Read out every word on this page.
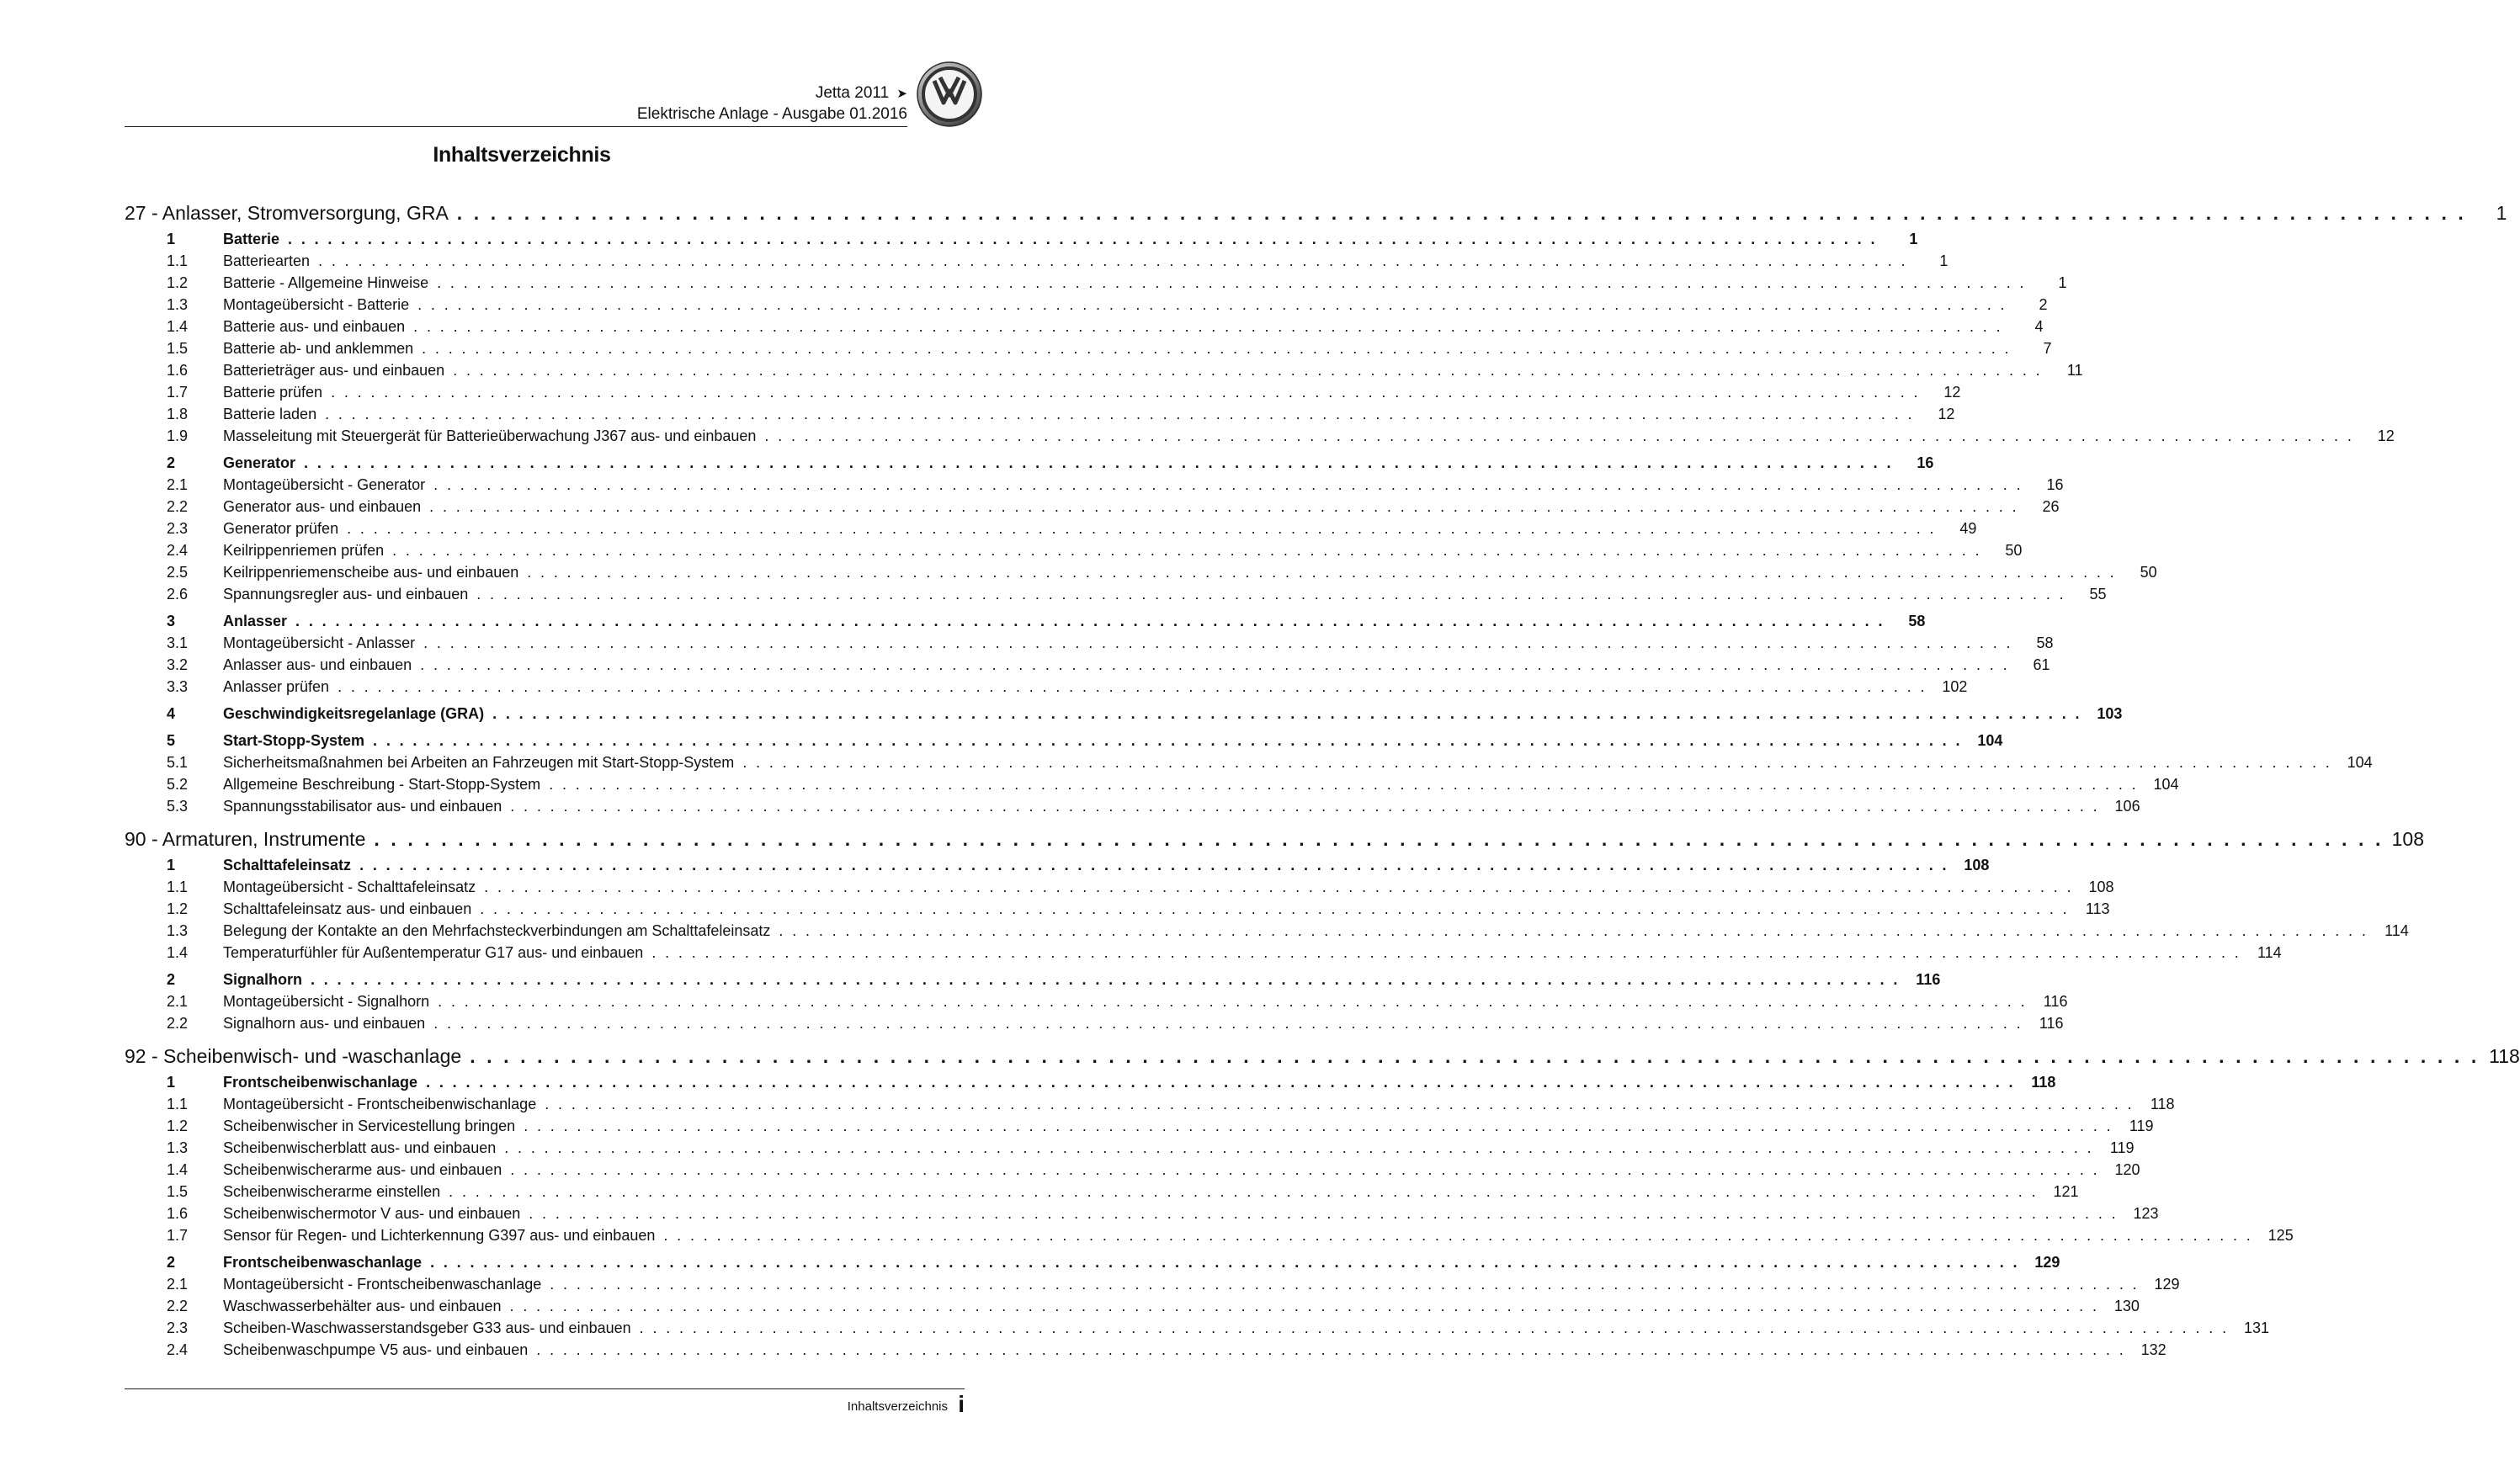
Jetta 2011 ➤
Elektrische Anlage - Ausgabe 01.2016
Inhaltsverzeichnis
27 - Anlasser, Stromversorgung, GRA . . . . . . . . . . . . . . . . . . . . . . . . . . . . . . . . . . . . . . . . . . . . . . . . . . . . . . . . . . . . . . . . . . . . . . . . . . . . . . . . . . . . . . . . . . . . . . . . . . . . . . . . . . . . . . . . . . . . . . . .	1
1	Batterie . . . . . . . . . . . . . . . . . . . . . . . . . . . . . . . . . . . . . . . . . . . . . . . . . . . . . . . . . . . . . . . . . . . . . . . . . . . . . . . . . . . . . . . . . . . . . . . . . . . . . . . . . . . . . . . . . . . . . . . .	1
1.1	Batteriearten . . . . . . . . . . . . . . . . . . . . . . . . . . . . . . . . . . . . . . . . . . . . . . . . . . . . . . . . . . . . . . . . . . . . . . . . . . . . . . . . . . . . . . . . . . . . . . . . . . . . . . . . . . . . . . . . . . . . . . . .	1
1.2	Batterie - Allgemeine Hinweise . . . . . . . . . . . . . . . . . . . . . . . . . . . . . . . . . . . . . . . . . . . . . . . . . . . . . . . . . . . . . . . . . . . . . . . . . . . . . . . . . . . . . . . . . . . . . . . . . . . . . . . . . . . . . . . . . . . . . . . .	1
1.3	Montageübersicht - Batterie . . . . . . . . . . . . . . . . . . . . . . . . . . . . . . . . . . . . . . . . . . . . . . . . . . . . . . . . . . . . . . . . . . . . . . . . . . . . . . . . . . . . . . . . . . . . . . . . . . . . . . . . . . . . . . . . . . . . . . . .	2
1.4	Batterie aus- und einbauen . . . . . . . . . . . . . . . . . . . . . . . . . . . . . . . . . . . . . . . . . . . . . . . . . . . . . . . . . . . . . . . . . . . . . . . . . . . . . . . . . . . . . . . . . . . . . . . . . . . . . . . . . . . . . . . . . . . . . . . .	4
1.5	Batterie ab- und anklemmen . . . . . . . . . . . . . . . . . . . . . . . . . . . . . . . . . . . . . . . . . . . . . . . . . . . . . . . . . . . . . . . . . . . . . . . . . . . . . . . . . . . . . . . . . . . . . . . . . . . . . . . . . . . . . . . . . . . . . . . .	7
1.6	Batterieträger aus- und einbauen . . . . . . . . . . . . . . . . . . . . . . . . . . . . . . . . . . . . . . . . . . . . . . . . . . . . . . . . . . . . . . . . . . . . . . . . . . . . . . . . . . . . . . . . . . . . . . . . . . . . . . . . . . . . . . . . . . . . . . . .	11
1.7	Batterie prüfen . . . . . . . . . . . . . . . . . . . . . . . . . . . . . . . . . . . . . . . . . . . . . . . . . . . . . . . . . . . . . . . . . . . . . . . . . . . . . . . . . . . . . . . . . . . . . . . . . . . . . . . . . . . . . . . . . . . . . . . .	12
1.8	Batterie laden . . . . . . . . . . . . . . . . . . . . . . . . . . . . . . . . . . . . . . . . . . . . . . . . . . . . . . . . . . . . . . . . . . . . . . . . . . . . . . . . . . . . . . . . . . . . . . . . . . . . . . . . . . . . . . . . . . . . . . . .	12
1.9	Masseleitung mit Steuergerät für Batterieüberwachung J367 aus- und einbauen . . . . . . . . . . . . . . . . . . . . . . . . . . . . . . . . . . . . . . . . . . . . . . . . . . . . . . . . . . . . . . . . . . . . . . . . . . . . . . . . . . . . . . . . . . . . . . . . . . . . . . . . . . . . . . . . . . . . . . . .	12
2	Generator . . . . . . . . . . . . . . . . . . . . . . . . . . . . . . . . . . . . . . . . . . . . . . . . . . . . . . . . . . . . . . . . . . . . . . . . . . . . . . . . . . . . . . . . . . . . . . . . . . . . . . . . . . . . . . . . . . . . . . . .	16
2.1	Montageübersicht - Generator . . . . . . . . . . . . . . . . . . . . . . . . . . . . . . . . . . . . . . . . . . . . . . . . . . . . . . . . . . . . . . . . . . . . . . . . . . . . . . . . . . . . . . . . . . . . . . . . . . . . . . . . . . . . . . . . . . . . . . . .	16
2.2	Generator aus- und einbauen . . . . . . . . . . . . . . . . . . . . . . . . . . . . . . . . . . . . . . . . . . . . . . . . . . . . . . . . . . . . . . . . . . . . . . . . . . . . . . . . . . . . . . . . . . . . . . . . . . . . . . . . . . . . . . . . . . . . . . . .	26
2.3	Generator prüfen . . . . . . . . . . . . . . . . . . . . . . . . . . . . . . . . . . . . . . . . . . . . . . . . . . . . . . . . . . . . . . . . . . . . . . . . . . . . . . . . . . . . . . . . . . . . . . . . . . . . . . . . . . . . . . . . . . . . . . . .	49
2.4	Keilrippenriemen prüfen . . . . . . . . . . . . . . . . . . . . . . . . . . . . . . . . . . . . . . . . . . . . . . . . . . . . . . . . . . . . . . . . . . . . . . . . . . . . . . . . . . . . . . . . . . . . . . . . . . . . . . . . . . . . . . . . . . . . . . . .	50
2.5	Keilrippenriemenscheibe aus- und einbauen . . . . . . . . . . . . . . . . . . . . . . . . . . . . . . . . . . . . . . . . . . . . . . . . . . . . . . . . . . . . . . . . . . . . . . . . . . . . . . . . . . . . . . . . . . . . . . . . . . . . . . . . . . . . . . . . . . . . . . . .	50
2.6	Spannungsregler aus- und einbauen . . . . . . . . . . . . . . . . . . . . . . . . . . . . . . . . . . . . . . . . . . . . . . . . . . . . . . . . . . . . . . . . . . . . . . . . . . . . . . . . . . . . . . . . . . . . . . . . . . . . . . . . . . . . . . . . . . . . . . . .	55
3	Anlasser . . . . . . . . . . . . . . . . . . . . . . . . . . . . . . . . . . . . . . . . . . . . . . . . . . . . . . . . . . . . . . . . . . . . . . . . . . . . . . . . . . . . . . . . . . . . . . . . . . . . . . . . . . . . . . . . . . . . . . . .	58
3.1	Montageübersicht - Anlasser . . . . . . . . . . . . . . . . . . . . . . . . . . . . . . . . . . . . . . . . . . . . . . . . . . . . . . . . . . . . . . . . . . . . . . . . . . . . . . . . . . . . . . . . . . . . . . . . . . . . . . . . . . . . . . . . . . . . . . . .	58
3.2	Anlasser aus- und einbauen . . . . . . . . . . . . . . . . . . . . . . . . . . . . . . . . . . . . . . . . . . . . . . . . . . . . . . . . . . . . . . . . . . . . . . . . . . . . . . . . . . . . . . . . . . . . . . . . . . . . . . . . . . . . . . . . . . . . . . . .	61
3.3	Anlasser prüfen . . . . . . . . . . . . . . . . . . . . . . . . . . . . . . . . . . . . . . . . . . . . . . . . . . . . . . . . . . . . . . . . . . . . . . . . . . . . . . . . . . . . . . . . . . . . . . . . . . . . . . . . . . . . . . . . . . . . . . . . 102
4	Geschwindigkeitsregelanlage (GRA) . . . . . . . . . . . . . . . . . . . . . . . . . . . . . . . . . . . . . . . . . . . . . . . . . . . . . . . . . . . . . . . . . . . . . . . . . . . . . . . . . . . . . . . . . . . . . . . . . . . . . . . . . . . . . . . . . . . . . . . . 103
5	Start-Stopp-System . . . . . . . . . . . . . . . . . . . . . . . . . . . . . . . . . . . . . . . . . . . . . . . . . . . . . . . . . . . . . . . . . . . . . . . . . . . . . . . . . . . . . . . . . . . . . . . . . . . . . . . . . . . . . . . . . . . . . . . . 104
5.1	Sicherheitsmaßnahmen bei Arbeiten an Fahrzeugen mit Start-Stopp-System . . . . . . . . . . . . . . . . . . . . . . . . . . . . . . . . . . . . . . . . . . . . . . . . . . . . . . . . . . . . . . . . . . . . . . . . . . . . . . . . . . . . . . . . . . . . . . . . . . . . . . . . . . . . . . . . . . . . . . . . 104
5.2	Allgemeine Beschreibung - Start-Stopp-System . . . . . . . . . . . . . . . . . . . . . . . . . . . . . . . . . . . . . . . . . . . . . . . . . . . . . . . . . . . . . . . . . . . . . . . . . . . . . . . . . . . . . . . . . . . . . . . . . . . . . . . . . . . . . . . . . . . . . . . . 104
5.3	Spannungsstabilisator aus- und einbauen . . . . . . . . . . . . . . . . . . . . . . . . . . . . . . . . . . . . . . . . . . . . . . . . . . . . . . . . . . . . . . . . . . . . . . . . . . . . . . . . . . . . . . . . . . . . . . . . . . . . . . . . . . . . . . . . . . . . . . . . 106
90 - Armaturen, Instrumente . . . . . . . . . . . . . . . . . . . . . . . . . . . . . . . . . . . . . . . . . . . . . . . . . . . . . . . . . . . . . . . . . . . . . . . . . . . . . . . . . . . . . . . . . . . . . . . . . . . . . . . . . . . . . . . . . . . . . . . . 108
1	Schalttafeleinsatz . . . . . . . . . . . . . . . . . . . . . . . . . . . . . . . . . . . . . . . . . . . . . . . . . . . . . . . . . . . . . . . . . . . . . . . . . . . . . . . . . . . . . . . . . . . . . . . . . . . . . . . . . . . . . . . . . . . . . . . . 108
1.1	Montageübersicht - Schalttafeleinsatz . . . . . . . . . . . . . . . . . . . . . . . . . . . . . . . . . . . . . . . . . . . . . . . . . . . . . . . . . . . . . . . . . . . . . . . . . . . . . . . . . . . . . . . . . . . . . . . . . . . . . . . . . . . . . . . . . . . . . . . . 108
1.2	Schalttafeleinsatz aus- und einbauen . . . . . . . . . . . . . . . . . . . . . . . . . . . . . . . . . . . . . . . . . . . . . . . . . . . . . . . . . . . . . . . . . . . . . . . . . . . . . . . . . . . . . . . . . . . . . . . . . . . . . . . . . . . . . . . . . . . . . . . .	113
1.3	Belegung der Kontakte an den Mehrfachsteckverbindungen am Schalttafeleinsatz . . . . . . . . . . . . . . . . . . . . . . . . . . . . . . . . . . . . . . . . . . . . . . . . . . . . . . . . . . . . . . . . . . . . . . . . . . . . . . . . . . . . . . . . . . . . . . . . . . . . . . . . . . . . . . . . . . . . . . . .	114
1.4	Temperaturfühler für Außentemperatur G17 aus- und einbauen . . . . . . . . . . . . . . . . . . . . . . . . . . . . . . . . . . . . . . . . . . . . . . . . . . . . . . . . . . . . . . . . . . . . . . . . . . . . . . . . . . . . . . . . . . . . . . . . . . . . . . . . . . . . . . . . . . . . . . . .	114
2	Signalhorn . . . . . . . . . . . . . . . . . . . . . . . . . . . . . . . . . . . . . . . . . . . . . . . . . . . . . . . . . . . . . . . . . . . . . . . . . . . . . . . . . . . . . . . . . . . . . . . . . . . . . . . . . . . . . . . . . . . . . . . .	116
2.1	Montageübersicht - Signalhorn . . . . . . . . . . . . . . . . . . . . . . . . . . . . . . . . . . . . . . . . . . . . . . . . . . . . . . . . . . . . . . . . . . . . . . . . . . . . . . . . . . . . . . . . . . . . . . . . . . . . . . . . . . . . . . . . . . . . . . . .	116
2.2	Signalhorn aus- und einbauen . . . . . . . . . . . . . . . . . . . . . . . . . . . . . . . . . . . . . . . . . . . . . . . . . . . . . . . . . . . . . . . . . . . . . . . . . . . . . . . . . . . . . . . . . . . . . . . . . . . . . . . . . . . . . . . . . . . . . . . .	116
92 - Scheibenwisch- und -waschanlage . . . . . . . . . . . . . . . . . . . . . . . . . . . . . . . . . . . . . . . . . . . . . . . . . . . . . . . . . . . . . . . . . . . . . . . . . . . . . . . . . . . . . . . . . . . . . . . . . . . . . . . . . . . . . . . . . . . . . . . . 118
1	Frontscheibenwischanlage . . . . . . . . . . . . . . . . . . . . . . . . . . . . . . . . . . . . . . . . . . . . . . . . . . . . . . . . . . . . . . . . . . . . . . . . . . . . . . . . . . . . . . . . . . . . . . . . . . . . . . . . . . . . . . . . . . . . . . . .	118
1.1	Montageübersicht - Frontscheibenwischanlage . . . . . . . . . . . . . . . . . . . . . . . . . . . . . . . . . . . . . . . . . . . . . . . . . . . . . . . . . . . . . . . . . . . . . . . . . . . . . . . . . . . . . . . . . . . . . . . . . . . . . . . . . . . . . . . . . . . . . . . .	118
1.2	Scheibenwischer in Servicestellung bringen . . . . . . . . . . . . . . . . . . . . . . . . . . . . . . . . . . . . . . . . . . . . . . . . . . . . . . . . . . . . . . . . . . . . . . . . . . . . . . . . . . . . . . . . . . . . . . . . . . . . . . . . . . . . . . . . . . . . . . . .	119
1.3	Scheibenwischerblatt aus- und einbauen . . . . . . . . . . . . . . . . . . . . . . . . . . . . . . . . . . . . . . . . . . . . . . . . . . . . . . . . . . . . . . . . . . . . . . . . . . . . . . . . . . . . . . . . . . . . . . . . . . . . . . . . . . . . . . . . . . . . . . . .	119
1.4	Scheibenwischerarme aus- und einbauen . . . . . . . . . . . . . . . . . . . . . . . . . . . . . . . . . . . . . . . . . . . . . . . . . . . . . . . . . . . . . . . . . . . . . . . . . . . . . . . . . . . . . . . . . . . . . . . . . . . . . . . . . . . . . . . . . . . . . . . . 120
1.5	Scheibenwischerarme einstellen . . . . . . . . . . . . . . . . . . . . . . . . . . . . . . . . . . . . . . . . . . . . . . . . . . . . . . . . . . . . . . . . . . . . . . . . . . . . . . . . . . . . . . . . . . . . . . . . . . . . . . . . . . . . . . . . . . . . . . . . 121
1.6	Scheibenwischermotor V aus- und einbauen . . . . . . . . . . . . . . . . . . . . . . . . . . . . . . . . . . . . . . . . . . . . . . . . . . . . . . . . . . . . . . . . . . . . . . . . . . . . . . . . . . . . . . . . . . . . . . . . . . . . . . . . . . . . . . . . . . . . . . . . 123
1.7	Sensor für Regen- und Lichterkennung G397 aus- und einbauen . . . . . . . . . . . . . . . . . . . . . . . . . . . . . . . . . . . . . . . . . . . . . . . . . . . . . . . . . . . . . . . . . . . . . . . . . . . . . . . . . . . . . . . . . . . . . . . . . . . . . . . . . . . . . . . . . . . . . . . . 125
2	Frontscheibenwaschanlage . . . . . . . . . . . . . . . . . . . . . . . . . . . . . . . . . . . . . . . . . . . . . . . . . . . . . . . . . . . . . . . . . . . . . . . . . . . . . . . . . . . . . . . . . . . . . . . . . . . . . . . . . . . . . . . . . . . . . . . . 129
2.1	Montageübersicht - Frontscheibenwaschanlage . . . . . . . . . . . . . . . . . . . . . . . . . . . . . . . . . . . . . . . . . . . . . . . . . . . . . . . . . . . . . . . . . . . . . . . . . . . . . . . . . . . . . . . . . . . . . . . . . . . . . . . . . . . . . . . . . . . . . . . . 129
2.2	Waschwasserbehälter aus- und einbauen . . . . . . . . . . . . . . . . . . . . . . . . . . . . . . . . . . . . . . . . . . . . . . . . . . . . . . . . . . . . . . . . . . . . . . . . . . . . . . . . . . . . . . . . . . . . . . . . . . . . . . . . . . . . . . . . . . . . . . . . 130
2.3	Scheiben-Waschwasserstandsgeber G33 aus- und einbauen . . . . . . . . . . . . . . . . . . . . . . . . . . . . . . . . . . . . . . . . . . . . . . . . . . . . . . . . . . . . . . . . . . . . . . . . . . . . . . . . . . . . . . . . . . . . . . . . . . . . . . . . . . . . . . . . . . . . . . . . 131
2.4	Scheibenwaschpumpe V5 aus- und einbauen . . . . . . . . . . . . . . . . . . . . . . . . . . . . . . . . . . . . . . . . . . . . . . . . . . . . . . . . . . . . . . . . . . . . . . . . . . . . . . . . . . . . . . . . . . . . . . . . . . . . . . . . . . . . . . . . . . . . . . . . 132
Inhaltsverzeichnis i
